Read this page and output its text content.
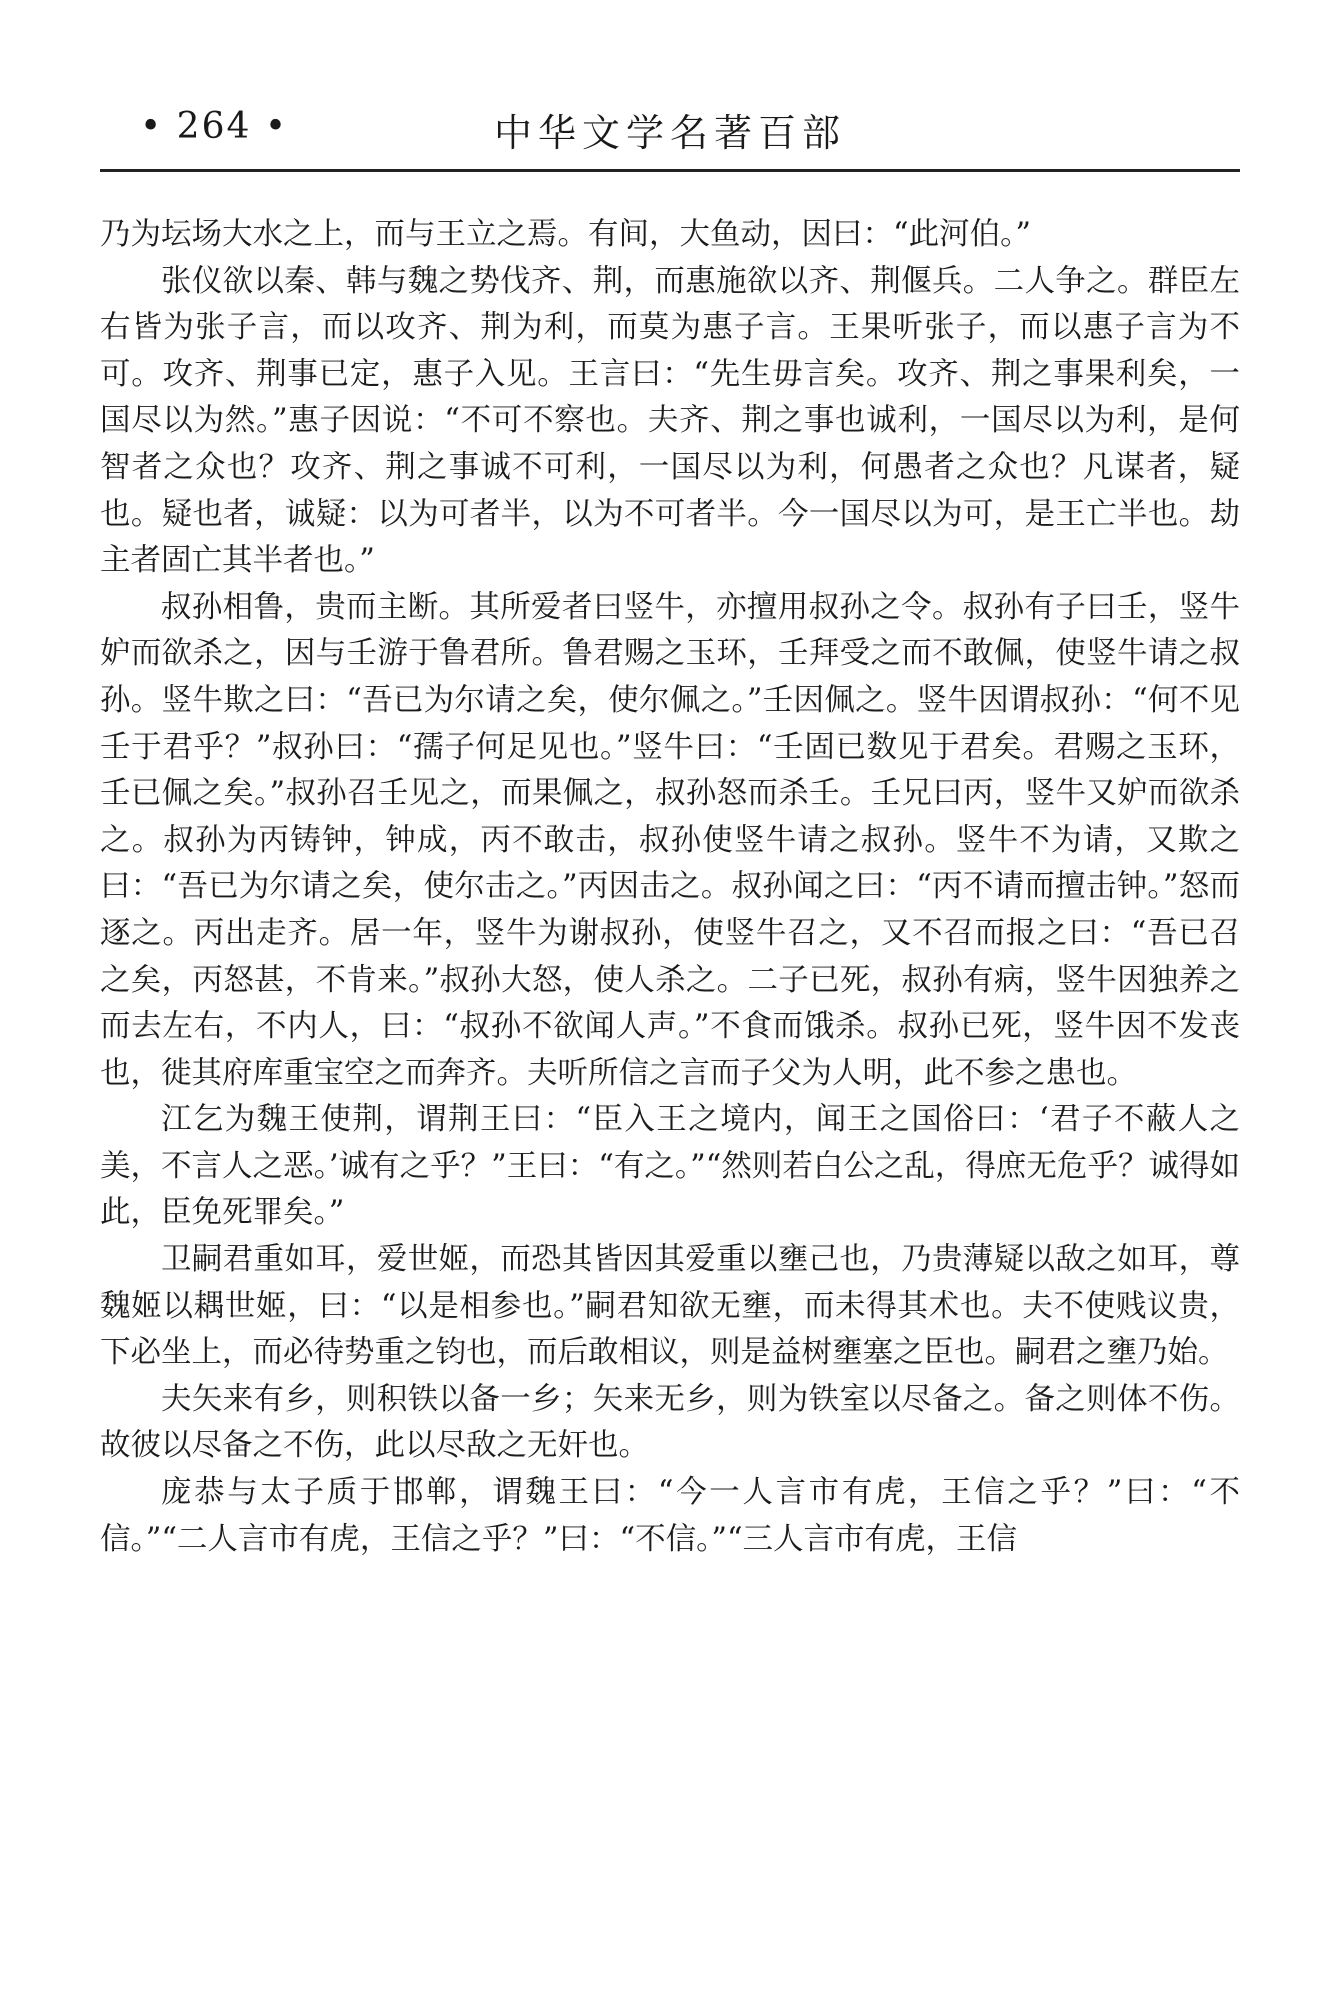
• 264 •	中华文学名著百部

乃为坛场大水之上，而与王立之焉。有间，大鱼动，因曰：“此河伯。”

张仪欲以秦、韩与魏之势伐齐、荆，而惠施欲以齐、荆偃兵。二人争之。群臣左右皆为张子言，而以攻齐、荆为利，而莫为惠子言。王果听张子，而以惠子言为不可。攻齐、荆事已定，惠子入见。王言曰：“先生毋言矣。攻齐、荆之事果利矣，一国尽以为然。”惠子因说：“不可不察也。夫齐、荆之事也诚利，一国尽以为利，是何智者之众也？攻齐、荆之事诚不可利，一国尽以为利，何愚者之众也？凡谋者，疑也。疑也者，诚疑：以为可者半，以为不可者半。今一国尽以为可，是王亡半也。劫主者固亡其半者也。”

叔孙相鲁，贵而主断。其所爱者曰竖牛，亦擅用叔孙之令。叔孙有子曰壬，竖牛妒而欲杀之，因与壬游于鲁君所。鲁君赐之玉环，壬拜受之而不敢佩，使竖牛请之叔孙。竖牛欺之曰：“吾已为尔请之矣，使尔佩之。”壬因佩之。竖牛因谓叔孙：“何不见壬于君乎？”叔孙曰：“孺子何足见也。”竖牛曰：“壬固已数见于君矣。君赐之玉环，壬已佩之矣。”叔孙召壬见之，而果佩之，叔孙怒而杀壬。壬兄曰丙，竖牛又妒而欲杀之。叔孙为丙铸钟，钟成，丙不敢击，叔孙使竖牛请之叔孙。竖牛不为请，又欺之曰：“吾已为尔请之矣，使尔击之。”丙因击之。叔孙闻之曰：“丙不请而擅击钟。”怒而逐之。丙出走齐。居一年，竖牛为谢叔孙，使竖牛召之，又不召而报之曰：“吾已召之矣，丙怒甚，不肯来。”叔孙大怒，使人杀之。二子已死，叔孙有病，竖牛因独养之而去左右，不内人，曰：“叔孙不欲闻人声。”不食而饿杀。叔孙已死，竖牛因不发丧也，徙其府库重宝空之而奔齐。夫听所信之言而子父为人明，此不参之患也。

江乞为魏王使荆，谓荆王曰：“臣入王之境内，闻王之国俗曰：‘君子不蔽人之美，不言人之恶。’诚有之乎？”王曰：“有之。”“然则若白公之乱，得庶无危乎？诚得如此，臣免死罪矣。”

卫嗣君重如耳，爱世姬，而恐其皆因其爱重以壅己也，乃贵薄疑以敌之如耳，尊魏姬以耦世姬，曰：“以是相参也。”嗣君知欲无壅，而未得其术也。夫不使贱议贵，下必坐上，而必待势重之钧也，而后敢相议，则是益树壅塞之臣也。嗣君之壅乃始。

夫矢来有乡，则积铁以备一乡；矢来无乡，则为铁室以尽备之。备之则体不伤。故彼以尽备之不伤，此以尽敌之无奸也。

庞恭与太子质于邯郸，谓魏王曰：“今一人言市有虎，王信之乎？”曰：“不信。”“二人言市有虎，王信之乎？”曰：“不信。”“三人言市有虎，王信
